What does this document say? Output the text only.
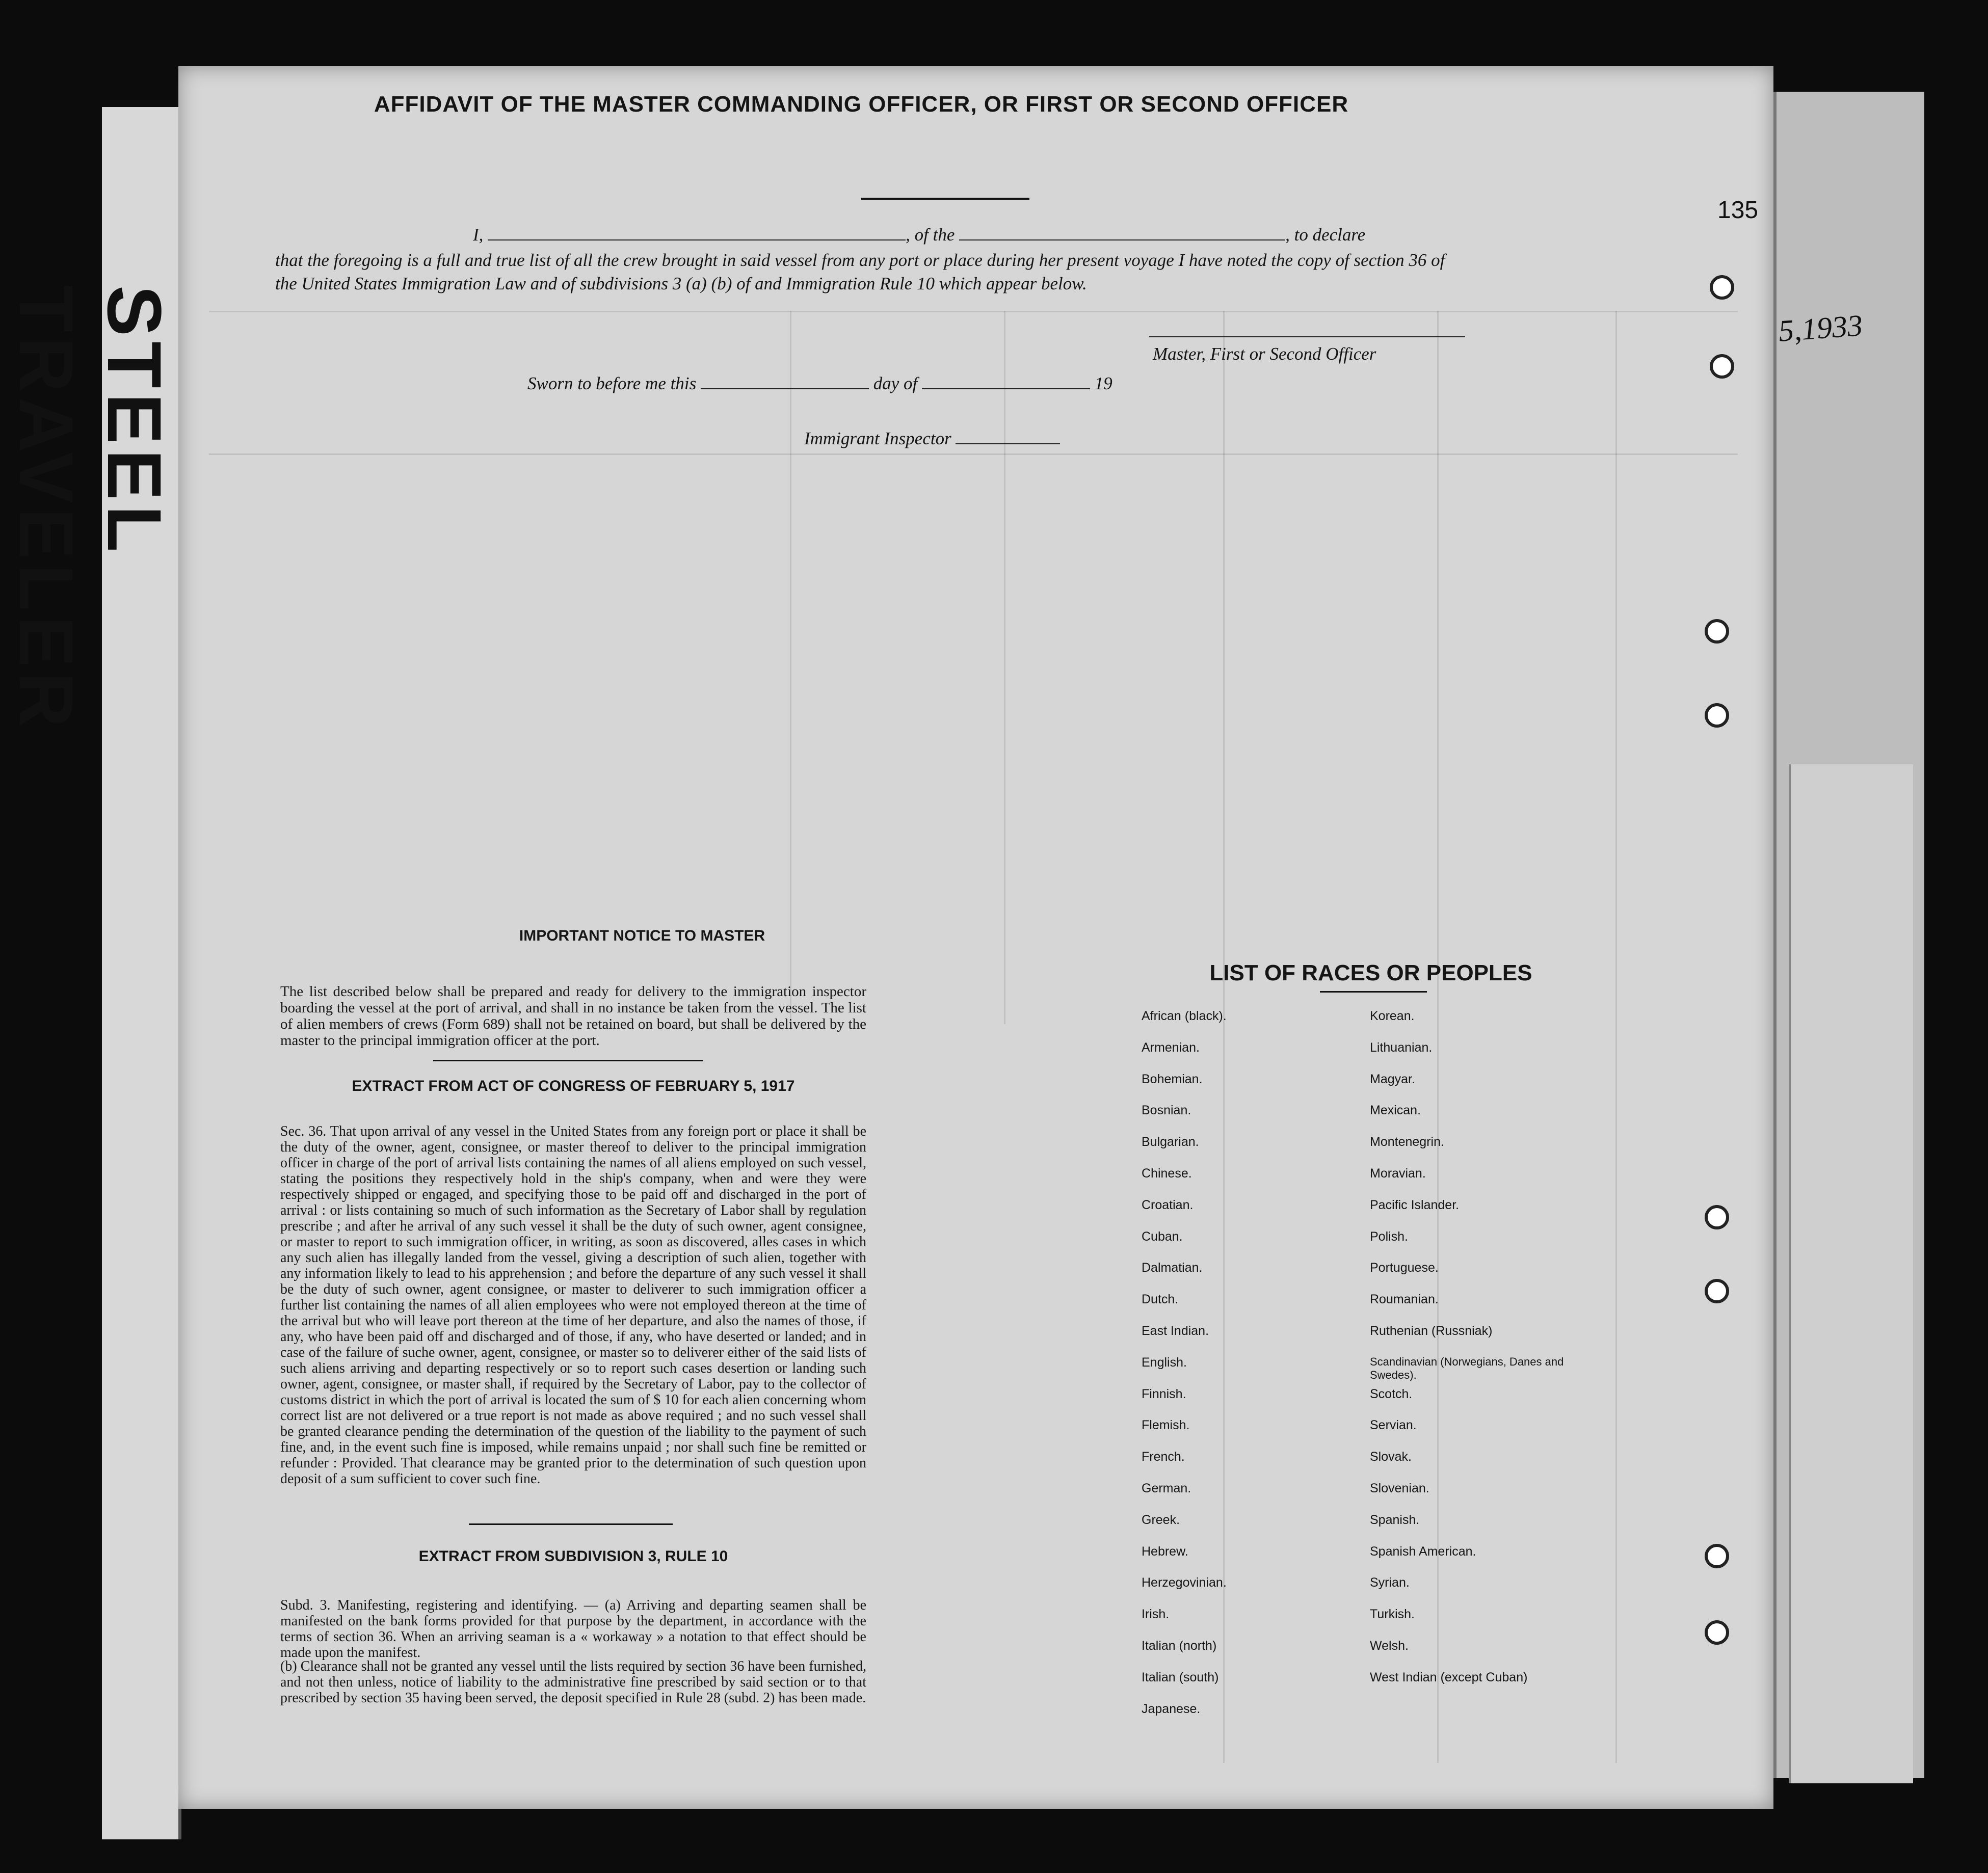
STEEL TRAVELER
135
AFFIDAVIT OF THE MASTER COMMANDING OFFICER, OR FIRST OR SECOND OFFICER
I,	, of the	, to declare
that the foregoing is a full and true list of all the crew brought in said vessel from any port or place during her present voyage I have noted the copy of section 36 of the United States Immigration Law and of subdivisions 3 (a) (b) of and Immigration Rule 10 which appear below.
Master, First or Second Officer
Sworn to before me this	day of	19
Immigrant Inspector
IMPORTANT NOTICE TO MASTER
The list described below shall be prepared and ready for delivery to the immigration inspector boarding the vessel at the port of arrival, and shall in no instance be taken from the vessel. The list of alien members of crews (Form 689) shall not be retained on board, but shall be delivered by the master to the principal immigration officer at the port.
EXTRACT FROM ACT OF CONGRESS OF FEBRUARY 5, 1917
Sec. 36. That upon arrival of any vessel in the United States from any foreign port or place it shall be the duty of the owner, agent, consignee, or master thereof to deliver to the principal immigration officer in charge of the port of arrival lists containing the names of all aliens employed on such vessel, stating the positions they respectively hold in the ship's company, when and were they were respectively shipped or engaged, and specifying those to be paid off and discharged in the port of arrival : or lists containing so much of such information as the Secretary of Labor shall by regulation prescribe ; and after he arrival of any such vessel it shall be the duty of such owner, agent consignee, or master to report to such immigration officer, in writing, as soon as discovered, alles cases in which any such alien has illegally landed from the vessel, giving a description of such alien, together with any information likely to lead to his apprehension ; and before the departure of any such vessel it shall be the duty of such owner, agent consignee, or master to deliverer to such immigration officer a further list containing the names of all alien employees who were not employed thereon at the time of the arrival but who will leave port thereon at the time of her departure, and also the names of those, if any, who have been paid off and discharged and of those, if any, who have deserted or landed; and in case of the failure of suche owner, agent, consignee, or master so to deliverer either of the said lists of such aliens arriving and departing respectively or so to report such cases desertion or landing such owner, agent, consignee, or master shall, if required by the Secretary of Labor, pay to the collector of customs district in which the port of arrival is located the sum of $ 10 for each alien concerning whom correct list are not delivered or a true report is not made as above required ; and no such vessel shall be granted clearance pending the determination of the question of the liability to the payment of such fine, and, in the event such fine is imposed, while remains unpaid ; nor shall such fine be remitted or refunder : Provided. That clearance may be granted prior to the determination of such question upon deposit of a sum sufficient to cover such fine.
EXTRACT FROM SUBDIVISION 3, RULE 10
Subd. 3. Manifesting, registering and identifying. — (a) Arriving and departing seamen shall be manifested on the bank forms provided for that purpose by the department, in accordance with the terms of section 36. When an arriving seaman is a « workaway » a notation to that effect should be made upon the manifest.
(b) Clearance shall not be granted any vessel until the lists required by section 36 have been furnished, and not then unless, notice of liability to the administrative fine prescribed by said section or to that prescribed by section 35 having been served, the deposit specified in Rule 28 (subd. 2) has been made.
LIST OF RACES OR PEOPLES
African (black).
Armenian.
Bohemian.
Bosnian.
Bulgarian.
Chinese.
Croatian.
Cuban.
Dalmatian.
Dutch.
East Indian.
English.
Finnish.
Flemish.
French.
German.
Greek.
Hebrew.
Herzegovinian.
Irish.
Italian (north)
Italian (south)
Japanese.
Korean.
Lithuanian.
Magyar.
Mexican.
Montenegrin.
Moravian.
Pacific Islander.
Polish.
Portuguese.
Roumanian.
Ruthenian (Russniak)
Scandinavian (Norwegians, Danes and Swedes).
Scotch.
Servian.
Slovak.
Slovenian.
Spanish.
Spanish American.
Syrian.
Turkish.
Welsh.
West Indian (except Cuban)
5,1933
